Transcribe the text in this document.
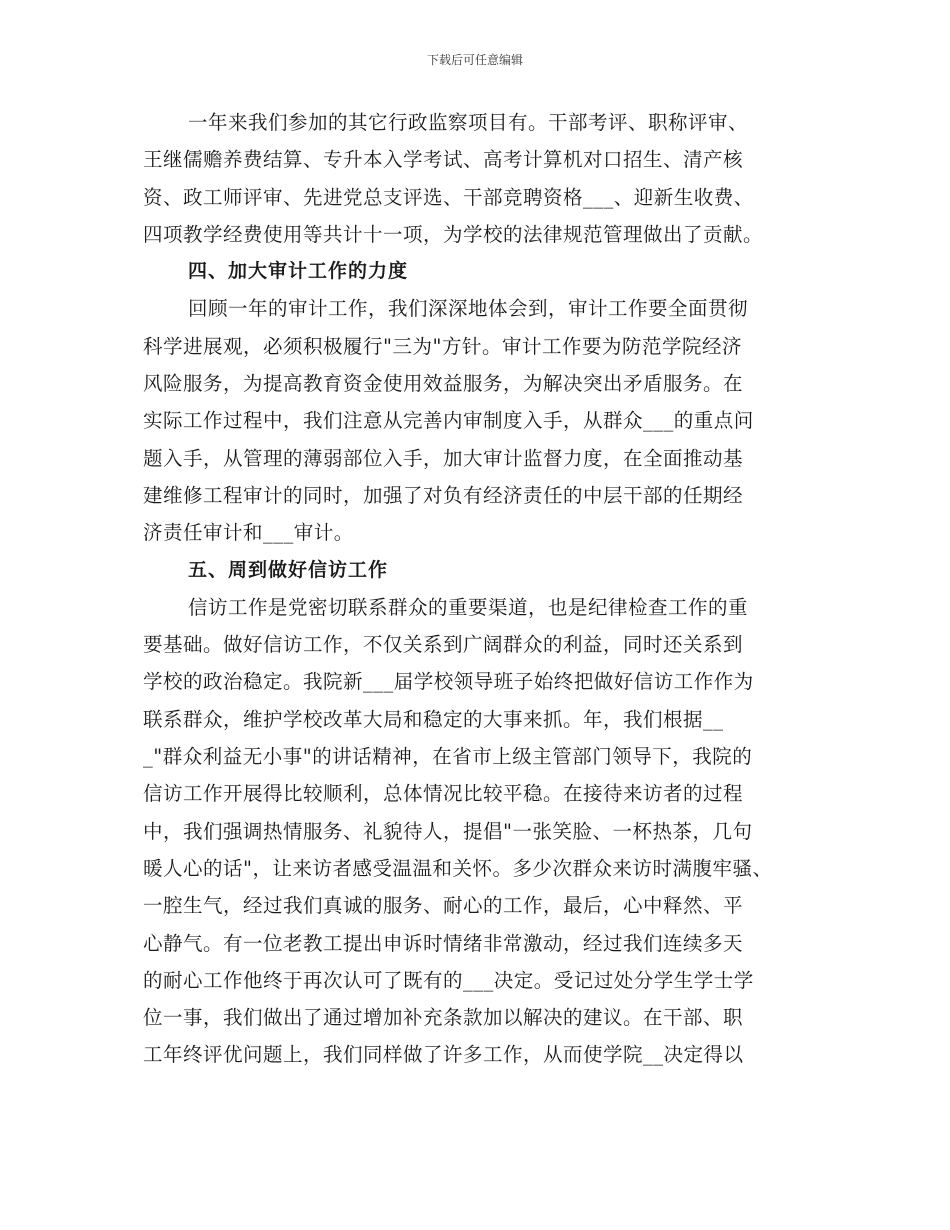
下载后可任意编辑
一年来我们参加的其它行政监察项目有。干部考评、职称评审、
王继儒赡养费结算、专升本入学考试、高考计算机对口招生、清产核
资、政工师评审、先进党总支评选、干部竞聘资格___、迎新生收费、
四项教学经费使用等共计十一项，为学校的法律规范管理做出了贡献。
四、加大审计工作的力度
回顾一年的审计工作，我们深深地体会到，审计工作要全面贯彻
科学进展观，必须积极履行"三为"方针。审计工作要为防范学院经济
风险服务，为提高教育资金使用效益服务，为解决突出矛盾服务。在
实际工作过程中，我们注意从完善内审制度入手，从群众___的重点问
题入手，从管理的薄弱部位入手，加大审计监督力度，在全面推动基
建维修工程审计的同时，加强了对负有经济责任的中层干部的任期经
济责任审计和___审计。
五、周到做好信访工作
信访工作是党密切联系群众的重要渠道，也是纪律检查工作的重
要基础。做好信访工作，不仅关系到广阔群众的利益，同时还关系到
学校的政治稳定。我院新___届学校领导班子始终把做好信访工作作为
联系群众，维护学校改革大局和稳定的大事来抓。年，我们根据__
_"群众利益无小事"的讲话精神，在省市上级主管部门领导下，我院的
信访工作开展得比较顺利，总体情况比较平稳。在接待来访者的过程
中，我们强调热情服务、礼貌待人，提倡"一张笑脸、一杯热茶，几句
暖人心的话"，让来访者感受温温和关怀。多少次群众来访时满腹牢骚、
一腔生气，经过我们真诚的服务、耐心的工作，最后，心中释然、平
心静气。有一位老教工提出申诉时情绪非常激动，经过我们连续多天
的耐心工作他终于再次认可了既有的___决定。受记过处分学生学士学
位一事，我们做出了通过增加补充条款加以解决的建议。在干部、职
工年终评优问题上，我们同样做了许多工作，从而使学院__决定得以
